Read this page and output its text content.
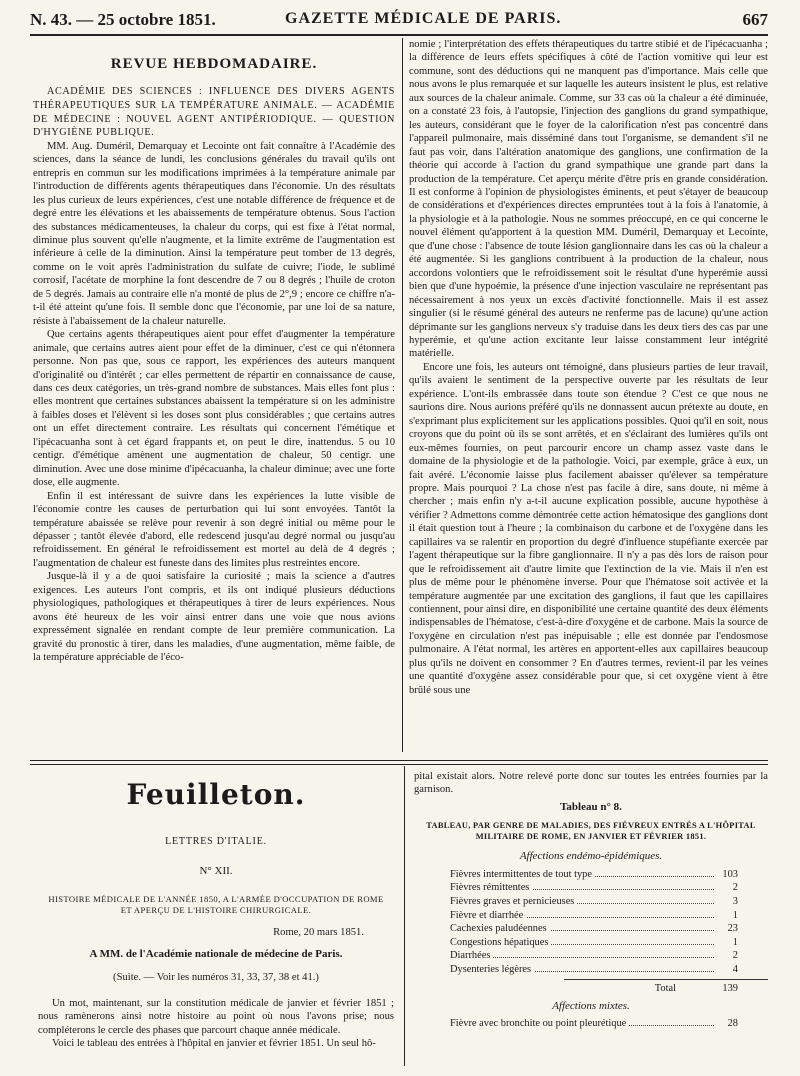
N. 43. — 25 octobre 1851.	GAZETTE MÉDICALE DE PARIS.	667
REVUE HEBDOMADAIRE.

ACADÉMIE DES SCIENCES : INFLUENCE DES DIVERS AGENTS THÉRAPEUTIQUES SUR LA TEMPÉRATURE ANIMALE. — ACADÉMIE DE MÉDECINE : NOUVEL AGENT ANTIPÉRIODIQUE. — QUESTION D'HYGIÈNE PUBLIQUE.

MM. Aug. Duméril, Demarquay et Lecointe ont fait connaître à l'Académie des sciences, dans la séance de lundi, les conclusions générales du travail qu'ils ont entrepris en commun sur les modifications imprimées à la température animale par l'introduction de différents agents thérapeutiques dans l'économie. Un des résultats les plus curieux de leurs expériences, c'est une notable différence de fréquence et de degré entre les élévations et les abaissements de température obtenus. Sous l'action des substances médicamenteuses, la chaleur du corps, qui est fixe à l'état normal, diminue plus souvent qu'elle n'augmente, et la limite extrême de l'augmentation est inférieure à celle de la diminution. Ainsi la température peut tomber de 13 degrés, comme on le voit après l'administration du sulfate de cuivre; l'iode, le sublimé corrosif, l'acétate de morphine la font descendre de 7 ou 8 degrés ; l'huile de croton de 5 degrés. Jamais au contraire elle n'a monté de plus de 2°,9 ; encore ce chiffre n'a-t-il été atteint qu'une fois. Il semble donc que l'économie, par une loi de sa nature, résiste à l'abaissement de la chaleur naturelle.

Que certains agents thérapeutiques aient pour effet d'augmenter la température animale, que certains autres aient pour effet de la diminuer, c'est ce qui n'étonnera personne. Non pas que, sous ce rapport, les expériences des auteurs manquent d'originalité ou d'intérêt ; car elles permettent de répartir en connaissance de cause, dans ces deux catégories, un très-grand nombre de substances. Mais elles font plus : elles montrent que certaines substances abaissent la température si on les administre à faibles doses et l'élèvent si les doses sont plus considérables ; que certains autres ont un effet directement contraire. Les résultats qui concernent l'émétique et l'ipécacuanha sont à cet égard frappants et, on peut le dire, inattendus. 5 ou 10 centigr. d'émétique amènent une augmentation de chaleur, 50 centigr. une diminution. Avec une dose minime d'ipécacuanha, la chaleur diminue; avec une forte dose, elle augmente.

Enfin il est intéressant de suivre dans les expériences la lutte visible de l'économie contre les causes de perturbation qui lui sont envoyées. Tantôt la température abaissée se relève pour revenir à son degré initial ou même pour le dépasser ; tantôt élevée d'abord, elle redescend jusqu'au degré normal ou jusqu'au refroidissement. En général le refroidissement est mortel au delà de 4 degrés ; l'augmentation de chaleur est funeste dans des limites plus restreintes encore.

Jusque-là il y a de quoi satisfaire la curiosité ; mais la science a d'autres exigences. Les auteurs l'ont compris, et ils ont indiqué plusieurs déductions physiologiques, pathologiques et thérapeutiques à tirer de leurs expériences. Nous avons été heureux de les voir ainsi entrer dans une voie que nous avions expressément signalée en rendant compte de leur première communication. La gravité du pronostic à tirer, dans les maladies, d'une augmentation, même faible, de la température appréciable de l'éco-

nomie ; l'interprétation des effets thérapeutiques du tartre stibié et de l'ipécacuanha ; la différence de leurs effets spécifiques à côté de l'action vomitive qui leur est commune, sont des déductions qui ne manquent pas d'importance. Mais celle que nous avons le plus remarquée et sur laquelle les auteurs insistent le plus, est relative aux sources de la chaleur animale. Comme, sur 33 cas où la chaleur a été diminuée, on a constaté 23 fois, à l'autopsie, l'injection des ganglions du grand sympathique, les auteurs, considérant que le foyer de la calorification n'est pas concentré dans l'appareil pulmonaire, mais disséminé dans tout l'organisme, se demandent s'il ne faut pas voir, dans l'altération anatomique des ganglions, une confirmation de la théorie qui accorde à l'action du grand sympathique une grande part dans la production de la température. Cet aperçu mérite d'être pris en grande considération. Il est conforme à l'opinion de physiologistes éminents, et peut s'étayer de beaucoup de considérations et d'expériences directes empruntées tout à la fois à l'anatomie, à la physiologie et à la pathologie. Nous ne sommes préoccupé, en ce qui concerne le nouvel élément qu'apportent à la question MM. Duméril, Demarquay et Lecointe, que d'une chose : l'absence de toute lésion ganglionnaire dans les cas où la chaleur a été augmentée. Si les ganglions contribuent à la production de la chaleur, nous accordons volontiers que le refroidissement soit le résultat d'une hyperémie aussi bien que d'une hypoémie, la présence d'une injection vasculaire ne représentant pas nécessairement à nos yeux un excès d'activité fonctionnelle. Mais il est assez singulier (si le résumé général des auteurs ne renferme pas de lacune) qu'une action déprimante sur les ganglions nerveux s'y traduise dans les deux tiers des cas par une hyperémie, et qu'une action excitante leur laisse constamment leur intégrité matérielle.

Encore une fois, les auteurs ont témoigné, dans plusieurs parties de leur travail, qu'ils avaient le sentiment de la perspective ouverte par les résultats de leur expérience. L'ont-ils embrassée dans toute son étendue ? C'est ce que nous ne saurions dire. Nous aurions préféré qu'ils ne donnassent aucun prétexte au doute, en s'exprimant plus explicitement sur les applications possibles. Quoi qu'il en soit, nous croyons que du point où ils se sont arrêtés, et en s'éclairant des lumières qu'ils ont eux-mêmes fournies, on peut parcourir encore un champ assez vaste dans le domaine de la physiologie et de la pathologie. Voici, par exemple, grâce à eux, un fait avéré. L'économie laisse plus facilement abaisser qu'élever sa température propre. Mais pourquoi ? La chose n'est pas facile à dire, sans doute, ni même à chercher ; mais enfin n'y a-t-il aucune explication possible, aucune hypothèse à vérifier ? Admettons comme démontrée cette action hématosique des ganglions dont il était question tout à l'heure ; la combinaison du carbone et de l'oxygène dans les capillaires va se ralentir en proportion du degré d'influence stupéfiante exercée par l'agent thérapeutique sur la fibre ganglionnaire. Il n'y a pas dès lors de raison pour que le refroidissement ait d'autre limite que l'extinction de la vie. Mais il n'en est plus de même pour le phénomène inverse. Pour que l'hématose soit activée et la température augmentée par une excitation des ganglions, il faut que les capillaires contiennent, pour ainsi dire, en disponibilité une certaine quantité des deux éléments indispensables de l'hématose, c'est-à-dire d'oxygène et de carbone. Mais la source de l'oxygène en circulation n'est pas inépuisable ; elle est donnée par l'endosmose pulmonaire. A l'état normal, les artères en apportent-elles aux capillaires beaucoup plus qu'ils ne doivent en consommer ? En d'autres termes, revient-il par les veines une quantité d'oxygène assez considérable pour que, si cet oxygène vient à être brûlé sous une

Feuilleton.
LETTRES D'ITALIE.
N° XII.
HISTOIRE MÉDICALE DE L'ANNÉE 1850, A L'ARMÉE D'OCCUPATION DE ROME ET APERÇU DE L'HISTOIRE CHIRURGICALE.
Rome, 20 mars 1851.
A MM. de l'Académie nationale de médecine de Paris.
(Suite. — Voir les numéros 31, 33, 37, 38 et 41.)

Un mot, maintenant, sur la constitution médicale de janvier et février 1851 ; nous ramènerons ainsi notre histoire au point où nous l'avons prise; nous compléterons le cercle des phases que parcourt chaque année médicale.

Voici le tableau des entrées à l'hôpital en janvier et février 1851. Un seul hô-

pital existait alors. Notre relevé porte donc sur toutes les entrées fournies par la garnison.

Tableau n° 8.
TABLEAU, PAR GENRE DE MALADIES, DES FIÉVREUX ENTRÉS A L'HÔPITAL MILITAIRE DE ROME, EN JANVIER ET FÉVRIER 1851.
Affections endémo-épidémiques.
Fièvres intermittentes de tout type	103
Fièvres rémittentes	2
Fièvres graves et pernicieuses	3
Fièvre et diarrhée	1
Cachexies paludéennes	23
Congestions hépatiques	1
Diarrhées	2
Dysenteries légères	4
Total	139
Affections mixtes.
Fièvre avec bronchite ou point pleurétique	28
